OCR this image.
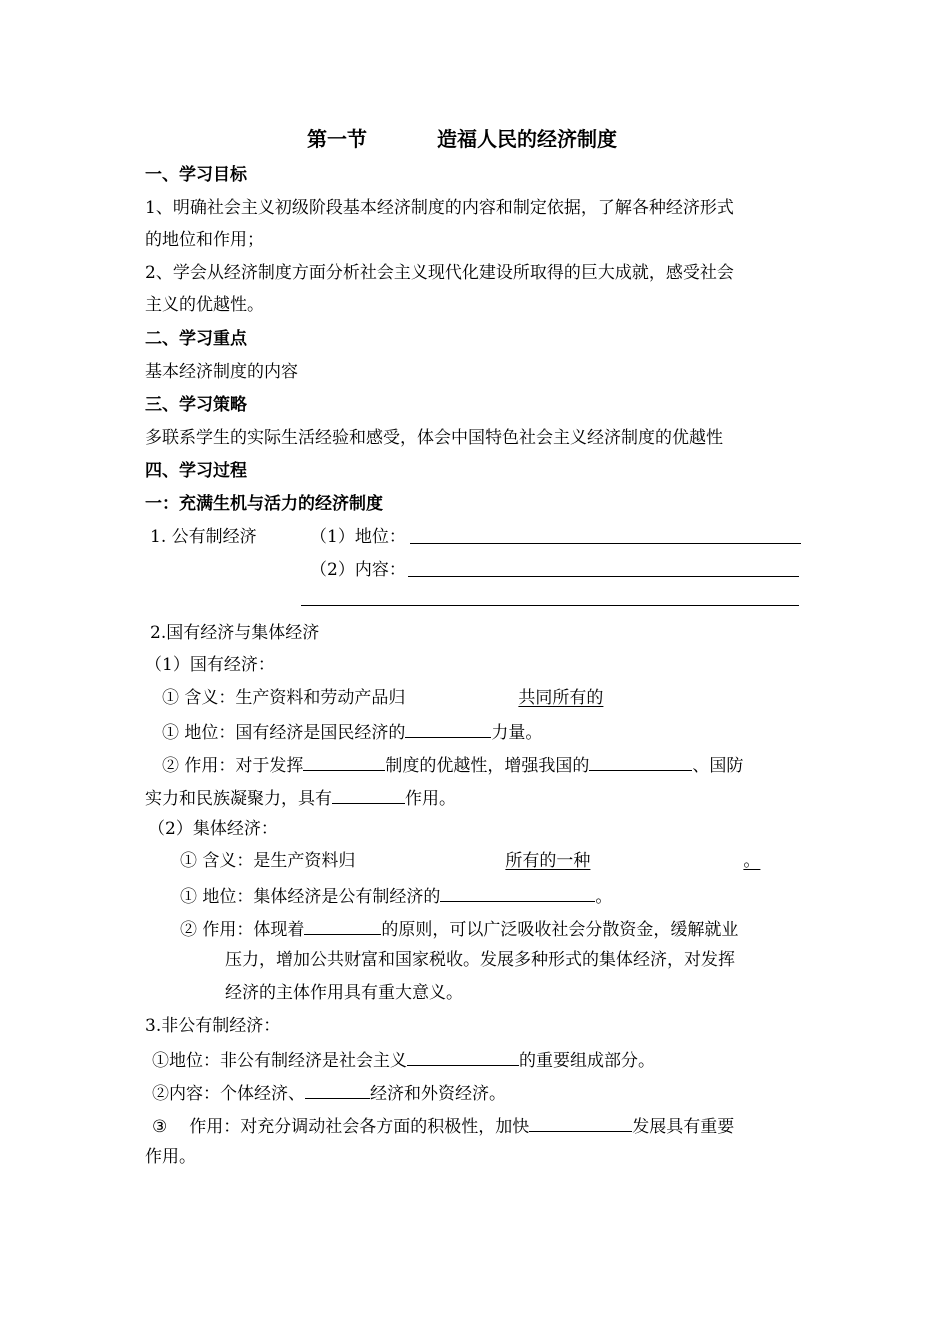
第一节	造福人民的经济制度
一、学习目标
1、明确社会主义初级阶段基本经济制度的内容和制定依据，了解各种经济形式
的地位和作用；
2、学会从经济制度方面分析社会主义现代化建设所取得的巨大成就，感受社会
主义的优越性。
二、学习重点
基本经济制度的内容
三、学习策略
多联系学生的实际生活经验和感受，体会中国特色社会主义经济制度的优越性
四、学习过程
一：充满生机与活力的经济制度
1. 公有制经济	（1）地位：
（2）内容：
2.国有经济与集体经济
（1）国有经济：
① 含义：生产资料和劳动产品归	共同所有的
① 地位：国有经济是国民经济的	力量。
② 作用：对于发挥	制度的优越性，增强我国的	、国防
实力和民族凝聚力，具有	作用。
（2）集体经济：
① 含义：是生产资料归	所有的一种	。
① 地位：集体经济是公有制经济的	。
② 作用：体现着	的原则，可以广泛吸收社会分散资金，缓解就业
压力，增加公共财富和国家税收。发展多种形式的集体经济，对发挥
经济的主体作用具有重大意义。
3.非公有制经济：
①地位：非公有制经济是社会主义	的重要组成部分。
②内容：个体经济、	经济和外资经济。
③ 作用：对充分调动社会各方面的积极性，加快	发展具有重要
作用。
